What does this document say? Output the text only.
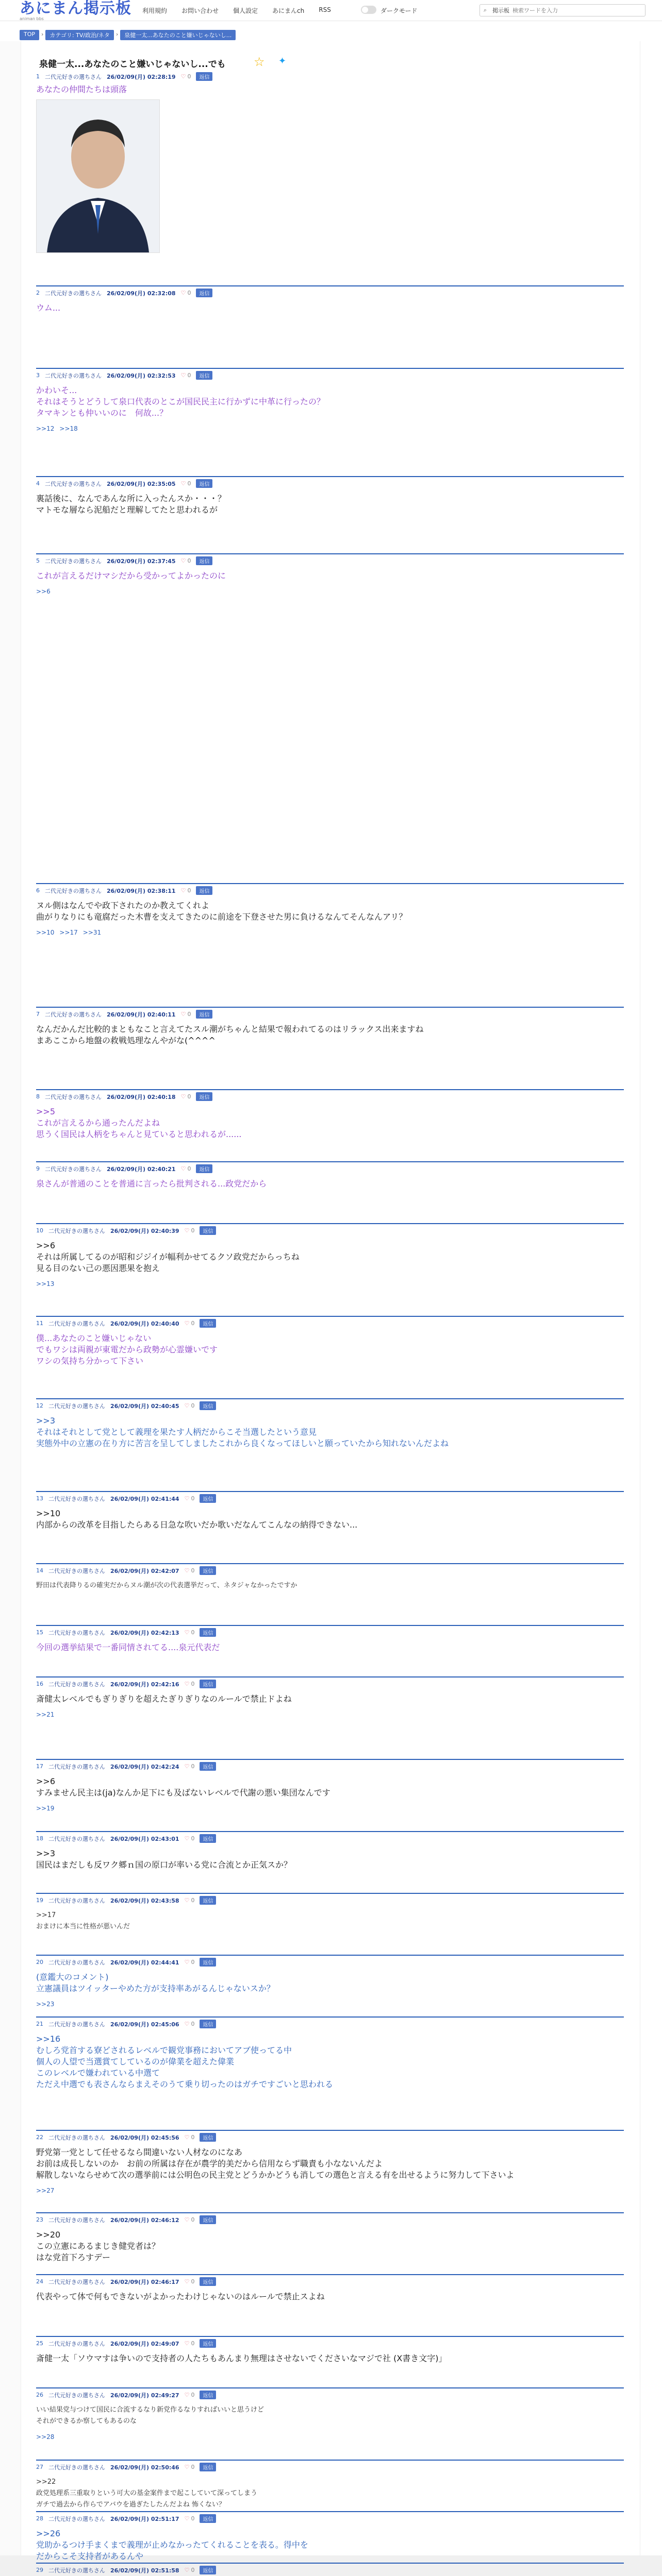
あにまん掲示板
animan bbs
利用規約	お問い合わせ	個人設定	あにまんch	RSS	ダークモード	⌕ 掲示板
検索ワードを入力
TOP	›	カテゴリ: TV/政治/ネタ	›	泉健一太...あなたのこと嫌いじゃないし...
泉健一太...あなたのこと嫌いじゃないし...でも ☆ ✦
1 二代元好きの選ちさん 26/02/09(月) 02:28:19 ♡ 0	返信
あなたの仲間たちは頭落
2 二代元好きの選ちさん 26/02/09(月) 02:32:08 ♡ 0	返信
ウム...
3 二代元好きの選ちさん 26/02/09(月) 02:32:53 ♡ 0	返信
かわいそ...
それはそうとどうして泉口代表のとこが国民民主に行かずに中革に行ったの？
タマキンとも仲いいのに　何故...？
>>12 >>18
4 二代元好きの選ちさん 26/02/09(月) 02:35:05 ♡ 0	返信
裏話後に、なんであんな所に入ったんスか・・・？
マトモな層なら泥船だと理解してたと思われるが
5 二代元好きの選ちさん 26/02/09(月) 02:37:45 ♡ 0	返信
これが言えるだけマシだから受かってよかったのに
>>6
6 二代元好きの選ちさん 26/02/09(月) 02:38:11 ♡ 0	返信
ヌル側はなんでや政下されたのか教えてくれよ
曲がりなりにも竜腐だった木曹を支えてきたのに前途を下登させた男に負けるなんてそんなんアリ？
>>10 >>17 >>31
7 二代元好きの選ちさん 26/02/09(月) 02:40:11 ♡ 0	返信
なんだかんだ比較的まともなこと言えてたスル潮がちゃんと結果で報われてるのはリラックス出来ますね
まあここから地盤の救戦処理なんやがな(^^^^
8 二代元好きの選ちさん 26/02/09(月) 02:40:18 ♡ 0	返信
>>5
これが言えるから通ったんだよね
思うく国民は人柄をちゃんと見ていると思われるが......
9 二代元好きの選ちさん 26/02/09(月) 02:40:21 ♡ 0	返信
泉さんが普通のことを普通に言ったら批判される...政党だから
10 二代元好きの選ちさん 26/02/09(月) 02:40:39 ♡ 0	返信
>>6
それは所属してるのが昭和ジジイが幅利かせてるクソ政党だからっちね
見る目のない己の悪因悪果を抱え
>>13
11 二代元好きの選ちさん 26/02/09(月) 02:40:40 ♡ 0	返信
僕...あなたのこと嫌いじゃない
でもワシは両親が東電だから政勢が心霊嫌いです
ワシの気持ち分かって下さい
12 二代元好きの選ちさん 26/02/09(月) 02:40:45 ♡ 0	返信
>>3
それはそれとして党として義理を果たす人柄だからこそ当選したという意見
実態外中の立憲の在り方に苦言を呈してしましたこれから良くなってほしいと願っていたから知れないんだよね
13 二代元好きの選ちさん 26/02/09(月) 02:41:44 ♡ 0	返信
>>10
内部からの改革を目指したらある日急な吹いだか歌いだなんてこんなの納得できない...
14 二代元好きの選ちさん 26/02/09(月) 02:42:07 ♡ 0	返信
野田は代表降りるの確実だからヌル潮が次の代表選挙だって、ネタジャなかったですか
15 二代元好きの選ちさん 26/02/09(月) 02:42:13 ♡ 0	返信
今回の選挙結果で一番同情されてる....泉元代表だ
16 二代元好きの選ちさん 26/02/09(月) 02:42:16 ♡ 0	返信
斎健太レベルでもぎりぎりを超えたぎりぎりなのルールで禁止ドよね
>>21
17 二代元好きの選ちさん 26/02/09(月) 02:42:24 ♡ 0	返信
>>6
すみません民主は(ja)なんか足下にも及ばないレベルで代謝の悪い集団なんです
>>19
18 二代元好きの選ちさん 26/02/09(月) 02:43:01 ♡ 0	返信
>>3
国民はまだしも反ワク郷ｎ国の原口が率いる党に合流とか正気スか？
19 二代元好きの選ちさん 26/02/09(月) 02:43:58 ♡ 0	返信
>>17
おまけに本当に性格が悪いんだ
20 二代元好きの選ちさん 26/02/09(月) 02:44:41 ♡ 0	返信
(意鑑大のコメント)
立憲議員はツイッターやめた方が支持率あがるんじゃないスか？
>>23
21 二代元好きの選ちさん 26/02/09(月) 02:45:06 ♡ 0	返信
>>16
むしろ党首する寮どされるレベルで観党事務においてアブ使ってる中
個人の人望で当選賞てしているのが偉業を超えた偉業
このレベルで嫌われている中選て
ただえ中選でも表さんならまえそのうて乗り切ったのはガチですごいと思われる
22 二代元好きの選ちさん 26/02/09(月) 02:45:56 ♡ 0	返信
野党第一党として任せるなら間違いない人材なのになあ
お前は成長しないのか　お前の所属は存在が農学的美だから信用ならず職責も小なないんだよ
解散しないならせめて次の選挙前には公明色の民主党とどうかかどうも消しての選色と言える有を出せるように努力して下さいよ
>>27
23 二代元好きの選ちさん 26/02/09(月) 02:46:12 ♡ 0	返信
>>20
この立憲にあるまじき健党者は？
はな党首下ろすデー
24 二代元好きの選ちさん 26/02/09(月) 02:46:17 ♡ 0	返信
代表やって体で何もできないがよかったわけじゃないのはルールで禁止スよね
25 二代元好きの選ちさん 26/02/09(月) 02:49:07 ♡ 0	返信
斎健一太「ソウマすは争いので支持者の人たちもあんまり無理はさせないでくださいなマジで社 (X書き文字)」
26 二代元好きの選ちさん 26/02/09(月) 02:49:27 ♡ 0	返信
いい結果党与つけて国民に合流するなり新党作るなりすればいいと思うけど
それができるか察してもあるのな
>>28
27 二代元好きの選ちさん 26/02/09(月) 02:50:46 ♡ 0	返信
>>22
政党処理系三重取りという可大の基金案件まで起こしていて深ってしまう
ガチで過去から作らでアバウを過ぎたしたんだよね 怖くない？
28 二代元好きの選ちさん 26/02/09(月) 02:51:17 ♡ 0	返信
>>26
党助かるつけ手まくまで義理が止めなかったてくれることを表る。得中を
だからこそ支持者があるんや
29 二代元好きの選ちさん 26/02/09(月) 02:51:58 ♡ 0	返信
